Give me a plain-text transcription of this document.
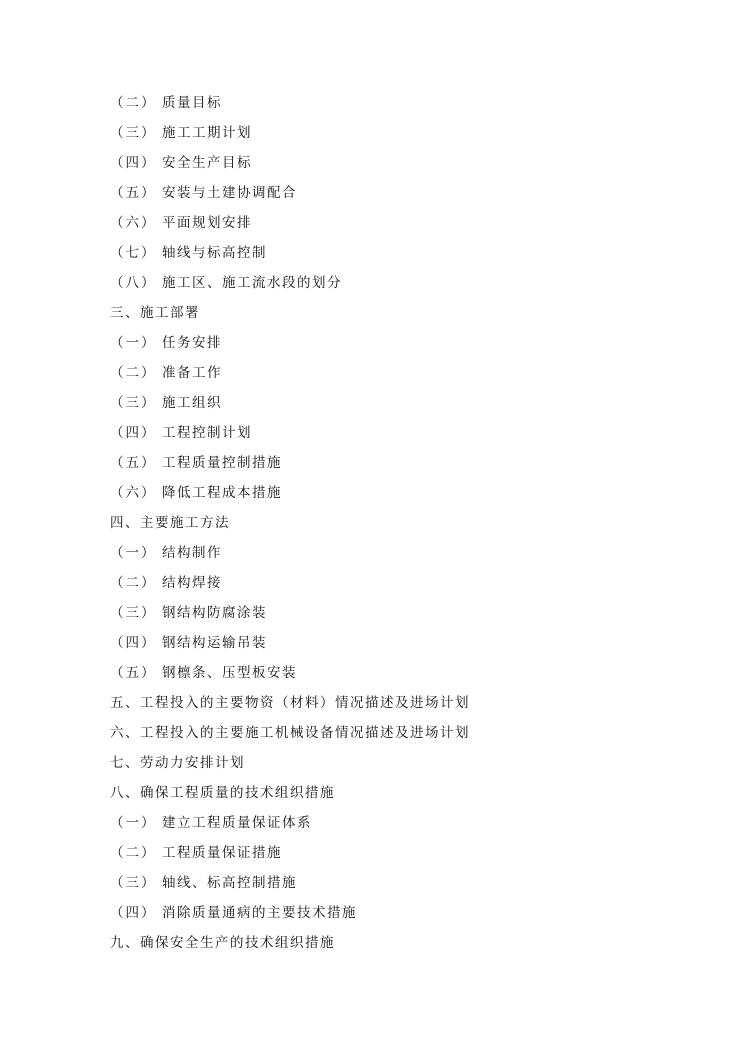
（二） 质量目标
（三） 施工工期计划
（四） 安全生产目标
（五） 安装与土建协调配合
（六） 平面规划安排
（七） 轴线与标高控制
（八） 施工区、施工流水段的划分
三、施工部署
（一） 任务安排
（二） 准备工作
（三） 施工组织
（四） 工程控制计划
（五） 工程质量控制措施
（六） 降低工程成本措施
四、主要施工方法
（一） 结构制作
（二） 结构焊接
（三） 钢结构防腐涂装
（四） 钢结构运输吊装
（五） 钢檩条、压型板安装
五、工程投入的主要物资（材料）情况描述及进场计划
六、工程投入的主要施工机械设备情况描述及进场计划
七、劳动力安排计划
八、确保工程质量的技术组织措施
（一） 建立工程质量保证体系
（二） 工程质量保证措施
（三） 轴线、标高控制措施
（四） 消除质量通病的主要技术措施
九、确保安全生产的技术组织措施
